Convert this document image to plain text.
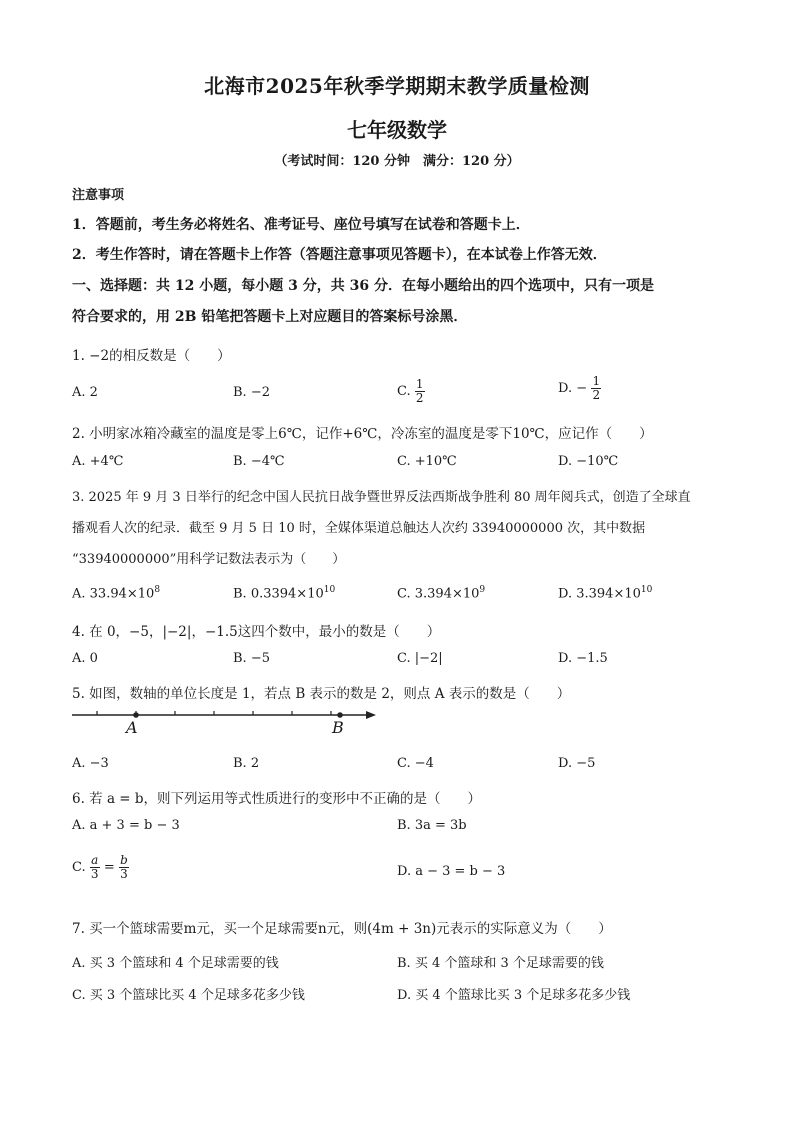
北海市2025年秋季学期期末教学质量检测
七年级数学
（考试时间：120 分钟　满分：120 分）
注意事项
1．答题前，考生务必将姓名、准考证号、座位号填写在试卷和答题卡上．
2．考生作答时，请在答题卡上作答（答题注意事项见答题卡），在本试卷上作答无效．
一、选择题：共 12 小题，每小题 3 分，共 36 分．在每小题给出的四个选项中，只有一项是
符合要求的，用 2B 铅笔把答题卡上对应题目的答案标号涂黑．
1. −2的相反数是（　　）
A. 2	B. −2	C. $\frac{1}{2}$	D. − $\frac{1}{2}$
2. 小明家冰箱冷藏室的温度是零上6℃，记作+6℃，冷冻室的温度是零下10℃，应记作（　　）
A. +4℃	B. −4℃	C. +10℃	D. −10℃
3. 2025 年 9 月 3 日举行的纪念中国人民抗日战争暨世界反法西斯战争胜利 80 周年阅兵式，创造了全球直
播观看人次的纪录．截至 9 月 5 日 10 时，全媒体渠道总触达人次约 33940000000 次，其中数据
“33940000000”用科学记数法表示为（　　）
A. $33.94\times 10^8$	B. $0.3394\times 10^{10}$	C. $3.394\times 10^9$	D. $3.394\times 10^{10}$
4. 在 0，−5，|−2|，−1.5这四个数中，最小的数是（　　）
A. 0	B. −5	C. |−2|	D. −1.5
5. 如图，数轴的单位长度是 1，若点 B 表示的数是 2，则点 A 表示的数是（　　）
A	B
A. −3	B. 2	C. −4	D. −5
6. 若 a = b，则下列运用等式性质进行的变形中不正确的是（　　）
A. a + 3 = b − 3	B. 3a = 3b
C. $\frac{a}{3} = \frac{b}{3}$	D. a − 3 = b − 3
7. 买一个篮球需要m元，买一个足球需要n元，则(4m + 3n)元表示的实际意义为（　　）
A. 买 3 个篮球和 4 个足球需要的钱	B. 买 4 个篮球和 3 个足球需要的钱
C. 买 3 个篮球比买 4 个足球多花多少钱	D. 买 4 个篮球比买 3 个足球多花多少钱
